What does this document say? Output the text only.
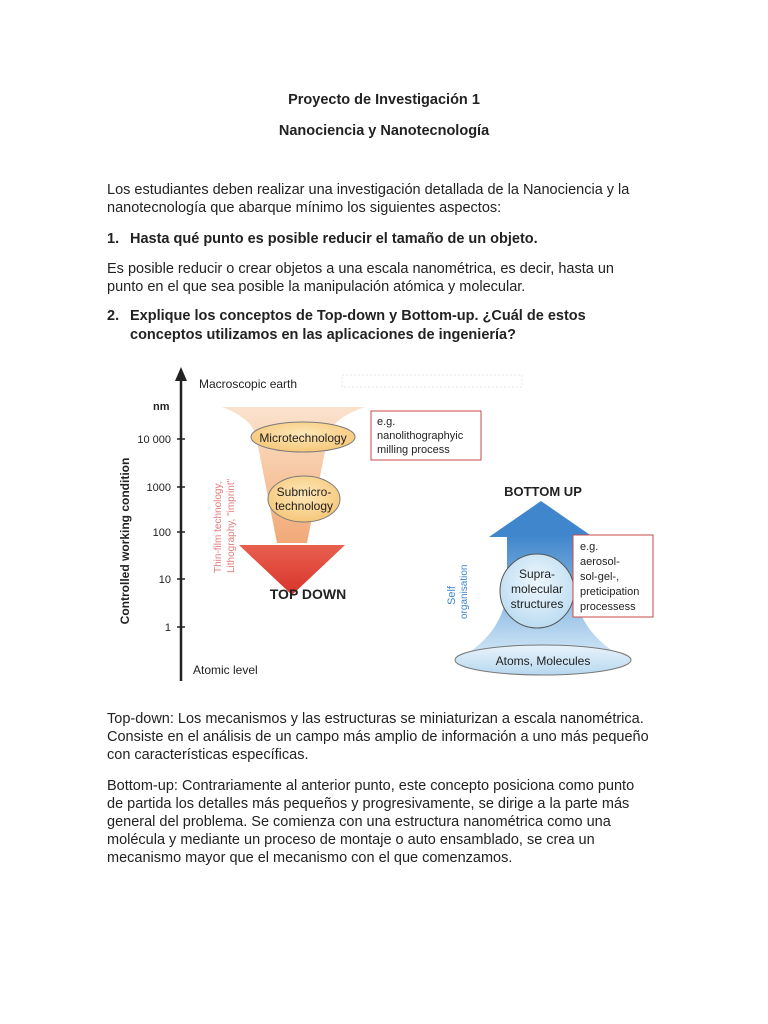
Proyecto de Investigación 1
Nanociencia y Nanotecnología
Los estudiantes deben realizar una investigación detallada de la Nanociencia y la
nanotecnología que abarque mínimo los siguientes aspectos:
1. Hasta qué punto es posible reducir el tamaño de un objeto.
Es posible reducir o crear objetos a una escala nanométrica, es decir, hasta un
punto en el que sea posible la manipulación atómica y molecular.
2. Explique los conceptos de Top-down y Bottom-up. ¿Cuál de estos
conceptos utilizamos en las aplicaciones de ingeniería?
nm
10 000
1000
100
10
1
Controlled working condition
Macroscopic earth
Atomic level
Microtechnology
Submicro-
technology
Thin-film technology, Lithography, "imprint"
TOP DOWN
e.g.
nanolithographyic
milling process
BOTTOM UP
Atoms, Molecules
Supra-
molecular
structures
Self organisation
e.g.
aerosol-
sol-gel-,
preticipation
processess
Top-down: Los mecanismos y las estructuras se miniaturizan a escala nanométrica.
Consiste en el análisis de un campo más amplio de información a uno más pequeño
con características específicas.
Bottom-up: Contrariamente al anterior punto, este concepto posiciona como punto
de partida los detalles más pequeños y progresivamente, se dirige a la parte más
general del problema. Se comienza con una estructura nanométrica como una
molécula y mediante un proceso de montaje o auto ensamblado, se crea un
mecanismo mayor que el mecanismo con el que comenzamos.
